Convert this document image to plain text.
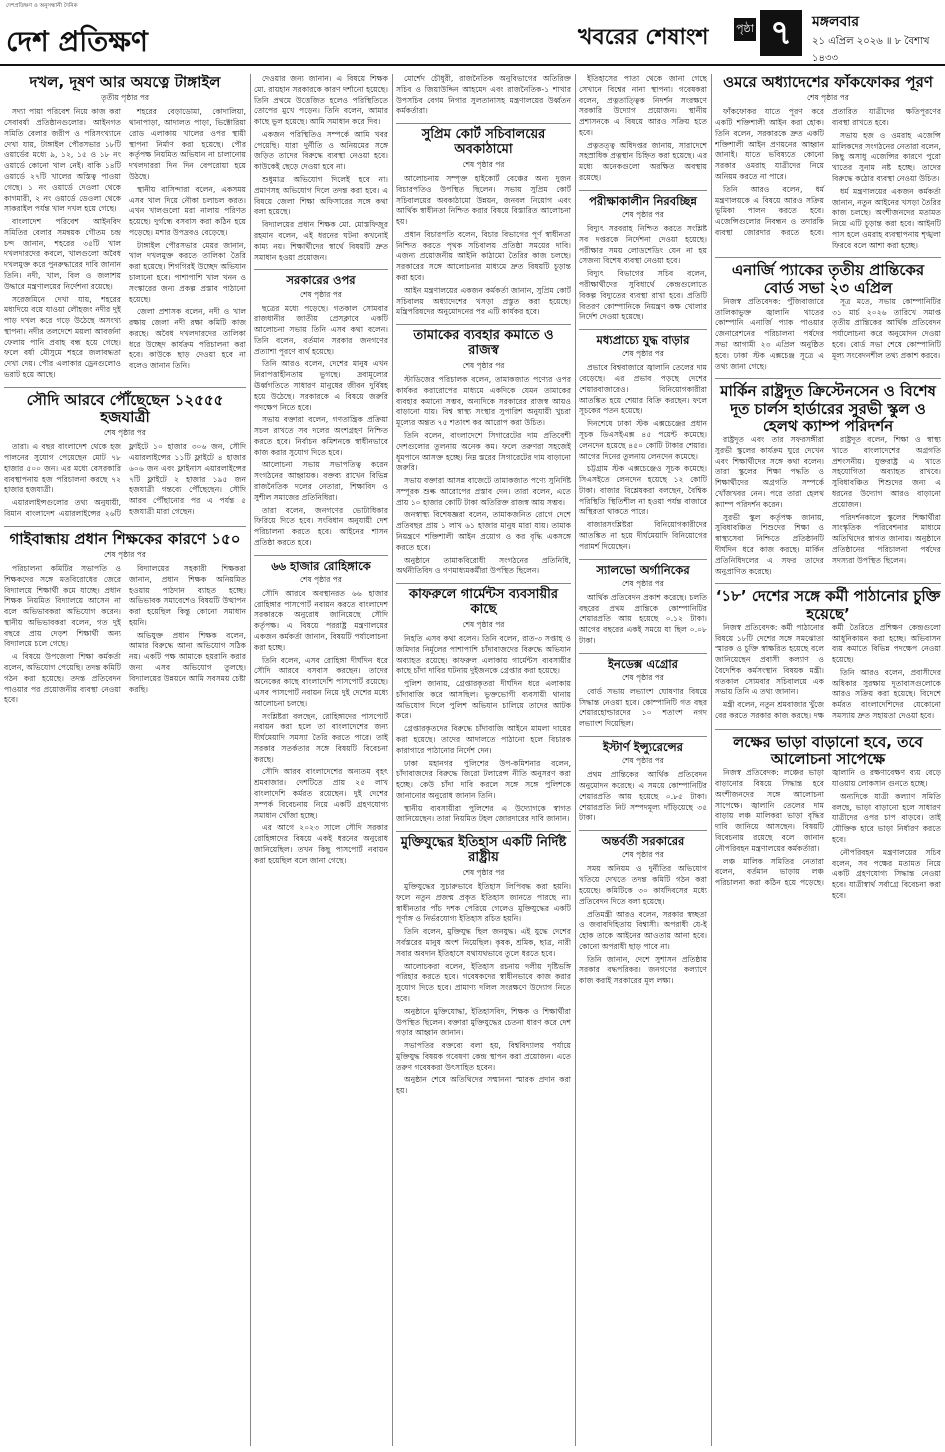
দেশপ্রতিক্ষণ ও অনুসন্ধানী দৈনিক
দেশ প্রতিক্ষণ	খবরের শেষাংশ	পৃষ্ঠা ৭	মঙ্গলবার
২১ এপ্রিল ২০২৬ ॥ ৮ বৈশাখ ১৪৩৩
দখল, দূষণ আর অযত্নে টাঙ্গাইল
তৃতীয় পৃষ্ঠার পর

সদ্যা পায়া পরিবেশ নিয়ে কাজ করা সেবাবর্ষা প্রতিষ্ঠানগুলোর। আইনগত সমিতি বেলার জরীপ ও পরিসংখ্যানে দেখা যায়, টাঙ্গাইল পৌরসভার ১৮টি ওয়ার্ডের মধ্যে ৯, ১২, ১৫ ও ১৮ নং ওয়ার্ডে কোনো খাল নেই। বাকি ১৪টি ওয়ার্ডে ২৭টি খালের অস্তিত্ব পাওয়া গেছে। ১ নং ওয়ার্ডে দেওলা থেকে কাগমারী, ২ নং ওয়ার্ডে ডেওলা থেকে সাকরাইল পর্যন্ত খাল দখল হয়ে গেছে।

বাংলাদেশ পরিবেশ আইনবিদ সমিতির বেলার সমন্বয়ক গৌতম চন্দ্র চন্দ জানান, শহরের ৩৫টি খাল দখলদারদের কবলে, খালগুলো অবৈধ দখলমুক্ত করে পুনরুদ্ধারের দাবি জানান তিনি। নদী, খাল, বিল ও জলাশয় উদ্ধারে মন্ত্রণালয়ের নির্দেশনা রয়েছে।

সরেজমিনে দেখা যায়, শহরের মধ্যদিয়ে বয়ে যাওয়া লৌহজং নদীর দুই পাড় দখল করে গড়ে উঠেছে অসংখ্য স্থাপনা। নদীর তলদেশে ময়লা আবর্জনা ফেলায় পানি প্রবাহ বন্ধ হয়ে গেছে। ফলে বর্ষা মৌসুমে শহরে জলাবদ্ধতা দেখা দেয়। পৌর এলাকার ড্রেনগুলোও ভরাট হয়ে আছে।

শহরের বেড়াডোমা, কোদালিয়া, থানাপাড়া, আদালত পাড়া, ভিক্টোরিয়া রোড এলাকায় খালের ওপর স্থায়ী স্থাপনা নির্মাণ করা হয়েছে। পৌর কর্তৃপক্ষ নিয়মিত অভিযান না চালানোয় দখলদাররা দিন দিন বেপরোয়া হয়ে উঠছে।

স্থানীয় বাসিন্দারা বলেন, একসময় এসব খাল দিয়ে নৌকা চলাচল করত। এখন খালগুলো মরা নালায় পরিণত হয়েছে। দুর্গন্ধে বসবাস করা কঠিন হয়ে পড়েছে। মশার উপদ্রবও বেড়েছে।

টাঙ্গাইল পৌরসভার মেয়র জানান, খাল দখলমুক্ত করতে তালিকা তৈরি করা হয়েছে। শিগগিরই উচ্ছেদ অভিযান চালানো হবে। পাশাপাশি খাল খনন ও সংস্কারের জন্য প্রকল্প প্রস্তাব পাঠানো হয়েছে।

জেলা প্রশাসক বলেন, নদী ও খাল রক্ষায় জেলা নদী রক্ষা কমিটি কাজ করছে। অবৈধ দখলদারদের তালিকা ধরে উচ্ছেদ কার্যক্রম পরিচালনা করা হবে। কাউকে ছাড় দেওয়া হবে না বলেও জানান তিনি।

সৌদি আরবে পৌঁছেছেন ১২৫৫৫ হজযাত্রী
শেষ পৃষ্ঠার পর

তারা। এ বছর বাংলাদেশ থেকে হজ পালনের সুযোগ পেয়েছেন মোট ৭৮ হাজার ৫০০ জন। এর মধ্যে বেসরকারি ব্যবস্থাপনায় হজ পরিচালনা করছে ৭২ হাজার হজযাত্রী।

এয়ারলাইন্সগুলোর তথ্য অনুযায়ী, বিমান বাংলাদেশ এয়ারলাইন্সের ২৬টি ফ্লাইটে ১০ হাজার ৩০৬ জন, সৌদি এয়ারলাইন্সের ১১টি ফ্লাইটে ৪ হাজার ৬০৬ জন এবং ফ্লাইনাস এয়ারলাইন্সের ৭টি ফ্লাইটে ২ হাজার ১৯৫ জন হজযাত্রী গন্তব্যে পৌঁছেছেন। সৌদি আরব পৌঁছানোর পর এ পর্যন্ত ৫ হজযাত্রী মারা গেছেন।

গাইবান্ধায় প্রধান শিক্ষকের কারণে ১৫০
শেষ পৃষ্ঠার পর

পরিচালনা কমিটির সভাপতি ও শিক্ষকদের সঙ্গে মতবিরোধের জেরে বিদ্যালয়ে শিক্ষার্থী কমে যাচ্ছে। প্রধান শিক্ষক নিয়মিত বিদ্যালয়ে আসেন না বলে অভিভাবকরা অভিযোগ করেন। স্থানীয় অভিভাবকরা বলেন, গত দুই বছরে প্রায় দেড়শ শিক্ষার্থী অন্য বিদ্যালয়ে চলে গেছে।

এ বিষয়ে উপজেলা শিক্ষা কর্মকর্তা বলেন, অভিযোগ পেয়েছি। তদন্ত কমিটি গঠন করা হয়েছে। তদন্ত প্রতিবেদন পাওয়ার পর প্রয়োজনীয় ব্যবস্থা নেওয়া হবে।

বিদ্যালয়ের সহকারী শিক্ষকরা জানান, প্রধান শিক্ষক অনিয়মিত হওয়ায় পাঠদান ব্যাহত হচ্ছে। অভিভাবক সমাবেশেও বিষয়টি উত্থাপন করা হয়েছিল কিন্তু কোনো সমাধান হয়নি।

অভিযুক্ত প্রধান শিক্ষক বলেন, আমার বিরুদ্ধে আনা অভিযোগ সঠিক নয়। একটি পক্ষ আমাকে হয়রানি করার জন্য এসব অভিযোগ তুলছে। বিদ্যালয়ের উন্নয়নে আমি সবসময় চেষ্টা করছি।

দেওয়ার জন্য জানান। এ বিষয়ে শিক্ষক মো. রায়হান সরকারকে কারণ দর্শানো হয়েছে। তিনি প্রথমে উত্তেজিত হলেও পরিস্থিতিতে তোপের মুখে পড়েন। তিনি বলেন, আমার কাছে ভুল হয়েছে। আমি সমাধান করে দিব।

একজন পরিস্থিতিও সম্পর্কে আমি খবর পেয়েছি। যারা দুর্নীতি ও অনিয়মের সঙ্গে জড়িত তাদের বিরুদ্ধে ব্যবস্থা নেওয়া হবে। কাউকেই ছেড়ে দেওয়া হবে না।

শুধুমাত্র অভিযোগ দিলেই হবে না। প্রমাণসহ অভিযোগ দিলে তদন্ত করা হবে। এ বিষয়ে জেলা শিক্ষা অফিসারের সঙ্গে কথা বলা হয়েছে।

বিদ্যালয়ের প্রধান শিক্ষক মো. মোস্তফিজুর রহমান বলেন, এই ধরনের ঘটনা কখনোই কাম্য নয়। শিক্ষার্থীদের স্বার্থে বিষয়টি দ্রুত সমাধান হওয়া প্রয়োজন।

সরকারের ওপর
শেষ পৃষ্ঠার পর

ছত্রের মধ্যে পড়েছে। গতকাল সোমবার রাজধানীর জাতীয় প্রেসক্লাবে একটি আলোচনা সভায় তিনি এসব কথা বলেন। তিনি বলেন, বর্তমান সরকার জনগণের প্রত্যাশা পূরণে ব্যর্থ হয়েছে।

তিনি আরও বলেন, দেশের মানুষ এখন নিরাপত্তাহীনতায় ভুগছে। দ্রব্যমূল্যের ঊর্ধ্বগতিতে সাধারণ মানুষের জীবন দুর্বিষহ হয়ে উঠেছে। সরকারকে এ বিষয়ে জরুরি পদক্ষেপ নিতে হবে।

সভায় বক্তারা বলেন, গণতান্ত্রিক প্রক্রিয়া সচল রাখতে সব দলের অংশগ্রহণ নিশ্চিত করতে হবে। নির্বাচন কমিশনকে স্বাধীনভাবে কাজ করার সুযোগ দিতে হবে।

আলোচনা সভায় সভাপতিত্ব করেন সংগঠনের আহ্বায়ক। বক্তব্য রাখেন বিভিন্ন রাজনৈতিক দলের নেতারা, শিক্ষাবিদ ও সুশীল সমাজের প্রতিনিধিরা।

তারা বলেন, জনগণের ভোটাধিকার ফিরিয়ে দিতে হবে। সংবিধান অনুযায়ী দেশ পরিচালনা করতে হবে। আইনের শাসন প্রতিষ্ঠা করতে হবে।

৬৬ হাজার রোহিঙ্গাকে
শেষ পৃষ্ঠার পর

সৌদি আরবে অবস্থানরত ৬৬ হাজার রোহিঙ্গার পাসপোর্ট নবায়ন করতে বাংলাদেশ সরকারকে অনুরোধ জানিয়েছে সৌদি কর্তৃপক্ষ। এ বিষয়ে পররাষ্ট্র মন্ত্রণালয়ের একজন কর্মকর্তা জানান, বিষয়টি পর্যালোচনা করা হচ্ছে।

তিনি বলেন, এসব রোহিঙ্গা দীর্ঘদিন ধরে সৌদি আরবে বসবাস করছেন। তাদের অনেকের কাছে বাংলাদেশি পাসপোর্ট রয়েছে। এসব পাসপোর্ট নবায়ন নিয়ে দুই দেশের মধ্যে আলোচনা চলছে।

সংশ্লিষ্টরা বলছেন, রোহিঙ্গাদের পাসপোর্ট নবায়ন করা হলে তা বাংলাদেশের জন্য দীর্ঘমেয়াদি সমস্যা তৈরি করতে পারে। তাই সরকার সতর্কতার সঙ্গে বিষয়টি বিবেচনা করছে।

সৌদি আরব বাংলাদেশের অন্যতম বৃহৎ শ্রমবাজার। দেশটিতে প্রায় ২৫ লাখ বাংলাদেশি কর্মরত রয়েছেন। দুই দেশের সম্পর্ক বিবেচনায় নিয়ে একটি গ্রহণযোগ্য সমাধান খোঁজা হচ্ছে।

এর আগে ২০২৩ সালে সৌদি সরকার রোহিঙ্গাদের বিষয়ে একই ধরনের অনুরোধ জানিয়েছিল। তখন কিছু পাসপোর্ট নবায়ন করা হয়েছিল বলে জানা গেছে।

মোর্শেদ চৌধুরী, রাজনৈতিক অনুবিভাগের অতিরিক্ত সচিব ও জিয়াউদ্দিন আহমেদ এবং রাজনৈতিক-১ শাখার উপসচিব বেগম নিগার সুলতানাসহ মন্ত্রণালয়ের উর্ধ্বতন কর্মকর্তারা।

সুপ্রিম কোর্ট সচিবালয়ের অবকাঠামো
শেষ পৃষ্ঠার পর

আলোচনায় সম্পৃক্ত হাইকোর্ট বেঞ্চের অন্য দুজন বিচারপতিও উপস্থিত ছিলেন। সভায় সুপ্রিম কোর্ট সচিবালয়ের অবকাঠামো উন্নয়ন, জনবল নিয়োগ এবং আর্থিক স্বাধীনতা নিশ্চিত করার বিষয়ে বিস্তারিত আলোচনা হয়।

প্রধান বিচারপতি বলেন, বিচার বিভাগের পূর্ণ স্বাধীনতা নিশ্চিত করতে পৃথক সচিবালয় প্রতিষ্ঠা সময়ের দাবি। এজন্য প্রয়োজনীয় আইনি কাঠামো তৈরির কাজ চলছে। সরকারের সঙ্গে আলোচনার মাধ্যমে দ্রুত বিষয়টি চূড়ান্ত করা হবে।

আইন মন্ত্রণালয়ের একজন কর্মকর্তা জানান, সুপ্রিম কোর্ট সচিবালয় অধ্যাদেশের খসড়া প্রস্তুত করা হয়েছে। মন্ত্রিপরিষদের অনুমোদনের পর এটি কার্যকর হবে।

তামাকের ব্যবহার কমাতে ও রাজস্ব
শেষ পৃষ্ঠার পর

স্টাডিজের পরিচালক বলেন, তামাকজাত পণ্যের ওপর কার্যকর করারোপের মাধ্যমে একদিকে যেমন তামাকের ব্যবহার কমানো সম্ভব, অন্যদিকে সরকারের রাজস্ব আয়ও বাড়ানো যায়। বিশ্ব স্বাস্থ্য সংস্থার সুপারিশ অনুযায়ী খুচরা মূল্যের অন্তত ৭৫ শতাংশ কর আরোপ করা উচিত।

তিনি বলেন, বাংলাদেশে সিগারেটের দাম প্রতিবেশী দেশগুলোর তুলনায় অনেক কম। ফলে তরুণরা সহজেই ধূমপানে আসক্ত হচ্ছে। নিম্ন স্তরের সিগারেটের দাম বাড়ানো জরুরি।

সভায় বক্তারা আসন্ন বাজেটে তামাকজাত পণ্যে সুনির্দিষ্ট সম্পূরক শুল্ক আরোপের প্রস্তাব দেন। তারা বলেন, এতে প্রায় ১০ হাজার কোটি টাকা অতিরিক্ত রাজস্ব আয় সম্ভব।

জনস্বাস্থ্য বিশেষজ্ঞরা বলেন, তামাকজনিত রোগে দেশে প্রতিবছর প্রায় ১ লাখ ৬১ হাজার মানুষ মারা যায়। তামাক নিয়ন্ত্রণে শক্তিশালী আইন প্রয়োগ ও কর বৃদ্ধি একসঙ্গে করতে হবে।

অনুষ্ঠানে তামাকবিরোধী সংগঠনের প্রতিনিধি, অর্থনীতিবিদ ও গণমাধ্যমকর্মীরা উপস্থিত ছিলেন।

কাফরুলে গার্মেন্টস ব্যবসায়ীর কাছে
শেষ পৃষ্ঠার পর

নিহতি এসব কথা বলেন। তিনি বলেন, রাত-৩ সপ্তাহ ও জমিদার নির্মূলের পাশাপাশি চাঁদাবাজদের বিরুদ্ধে অভিযান অব্যাহত রয়েছে। কাফরুল এলাকায় গার্মেন্টস ব্যবসায়ীর কাছে চাঁদা দাবির ঘটনায় দুইজনকে গ্রেপ্তার করা হয়েছে।

পুলিশ জানায়, গ্রেপ্তারকৃতরা দীর্ঘদিন ধরে এলাকায় চাঁদাবাজি করে আসছিল। ভুক্তভোগী ব্যবসায়ী থানায় অভিযোগ দিলে পুলিশ অভিযান চালিয়ে তাদের আটক করে।

গ্রেপ্তারকৃতদের বিরুদ্ধে চাঁদাবাজি আইনে মামলা দায়ের করা হয়েছে। তাদের আদালতে পাঠানো হলে বিচারক কারাগারে পাঠানোর নির্দেশ দেন।

ঢাকা মহানগর পুলিশের উপ-কমিশনার বলেন, চাঁদাবাজদের বিরুদ্ধে জিরো টলারেন্স নীতি অনুসরণ করা হচ্ছে। কেউ চাঁদা দাবি করলে সঙ্গে সঙ্গে পুলিশকে জানানোর অনুরোধ জানান তিনি।

স্থানীয় ব্যবসায়ীরা পুলিশের এ উদ্যোগকে স্বাগত জানিয়েছেন। তারা নিয়মিত টহল জোরদারের দাবি জানান।

মুক্তিযুদ্ধের ইতিহাস একটি নির্দিষ্ট রাষ্ট্রীয়
শেষ পৃষ্ঠার পর

মুক্তিযুদ্ধের সুচারুভাবে ইতিহাস লিপিবদ্ধ করা হয়নি। ফলে নতুন প্রজন্ম প্রকৃত ইতিহাস জানতে পারছে না। স্বাধীনতার পাঁচ দশক পেরিয়ে গেলেও মুক্তিযুদ্ধের একটি পূর্ণাঙ্গ ও নির্ভরযোগ্য ইতিহাস রচিত হয়নি।

তিনি বলেন, মুক্তিযুদ্ধ ছিল জনযুদ্ধ। এই যুদ্ধে দেশের সর্বস্তরের মানুষ অংশ নিয়েছিল। কৃষক, শ্রমিক, ছাত্র, নারী সবার অবদান ইতিহাসে যথাযথভাবে তুলে ধরতে হবে।

আলোচকরা বলেন, ইতিহাস রচনায় দলীয় দৃষ্টিভঙ্গি পরিহার করতে হবে। গবেষকদের স্বাধীনভাবে কাজ করার সুযোগ দিতে হবে। প্রামাণ্য দলিল সংরক্ষণে উদ্যোগ নিতে হবে।

অনুষ্ঠানে মুক্তিযোদ্ধা, ইতিহাসবিদ, শিক্ষক ও শিক্ষার্থীরা উপস্থিত ছিলেন। বক্তারা মুক্তিযুদ্ধের চেতনা ধারণ করে দেশ গড়ার আহ্বান জানান।

সভাপতির বক্তব্যে বলা হয়, বিশ্ববিদ্যালয় পর্যায়ে মুক্তিযুদ্ধ বিষয়ক গবেষণা কেন্দ্র স্থাপন করা প্রয়োজন। এতে তরুণ গবেষকরা উৎসাহিত হবেন।

অনুষ্ঠান শেষে অতিথিদের সম্মাননা স্মারক প্রদান করা হয়।

ইতিহাসের পাতা থেকে জানা গেছে সেখানে বিশ্বের নানা স্থাপনা। গবেষকরা বলেন, প্রত্নতাত্ত্বিক নিদর্শন সংরক্ষণে সরকারি উদ্যোগ প্রয়োজন। স্থানীয় প্রশাসনকে এ বিষয়ে আরও সক্রিয় হতে হবে।

প্রত্নতত্ত্ব অধিদপ্তর জানায়, সারাদেশে সহস্রাধিক প্রত্নস্থান চিহ্নিত করা হয়েছে। এর মধ্যে অনেকগুলো অরক্ষিত অবস্থায় রয়েছে।

পরীক্ষাকালীন নিরবচ্ছিন্ন
শেষ পৃষ্ঠার পর

বিদ্যুৎ সরবরাহ নিশ্চিত করতে সংশ্লিষ্ট সব দপ্তরকে নির্দেশনা দেওয়া হয়েছে। পরীক্ষার সময় লোডশেডিং যেন না হয় সেজন্য বিশেষ ব্যবস্থা নেওয়া হবে।

বিদ্যুৎ বিভাগের সচিব বলেন, পরীক্ষার্থীদের সুবিধার্থে কেন্দ্রগুলোতে বিকল্প বিদ্যুতের ব্যবস্থা রাখা হবে। প্রতিটি বিতরণ কোম্পানিকে নিয়ন্ত্রণ কক্ষ খোলার নির্দেশ দেওয়া হয়েছে।

মধ্যপ্রাচ্যে যুদ্ধ বাড়ার
শেষ পৃষ্ঠার পর

প্রভাবে বিশ্ববাজারে জ্বালানি তেলের দাম বেড়েছে। এর প্রভাব পড়ছে দেশের শেয়ারবাজারেও। বিনিয়োগকারীরা আতঙ্কিত হয়ে শেয়ার বিক্রি করছেন। ফলে সূচকের পতন হয়েছে।

দিনশেষে ঢাকা স্টক এক্সচেঞ্জের প্রধান সূচক ডিএসইএক্স ৪৫ পয়েন্ট কমেছে। লেনদেন হয়েছে ৪৫০ কোটি টাকার শেয়ার। আগের দিনের তুলনায় লেনদেন কমেছে।

চট্টগ্রাম স্টক এক্সচেঞ্জেও সূচক কমেছে। সিএসইতে লেনদেন হয়েছে ১২ কোটি টাকা। বাজার বিশ্লেষকরা বলছেন, বৈশ্বিক পরিস্থিতি স্থিতিশীল না হওয়া পর্যন্ত বাজারে অস্থিরতা থাকতে পারে।

বাজারসংশ্লিষ্টরা বিনিয়োগকারীদের আতঙ্কিত না হয়ে দীর্ঘমেয়াদি বিনিয়োগের পরামর্শ দিয়েছেন।

স্যালভো অর্গানিকের
শেষ পৃষ্ঠার পর

আর্থিক প্রতিবেদন প্রকাশ করেছে। চলতি বছরের প্রথম প্রান্তিকে কোম্পানিটির শেয়ারপ্রতি আয় হয়েছে ০.১২ টাকা। আগের বছরের একই সময়ে যা ছিল ০.০৮ টাকা।

ইনডেক্স এগ্রোর
শেষ পৃষ্ঠার পর

বোর্ড সভায় লভ্যাংশ ঘোষণার বিষয়ে সিদ্ধান্ত নেওয়া হবে। কোম্পানিটি গত বছর শেয়ারহোল্ডারদের ১০ শতাংশ নগদ লভ্যাংশ দিয়েছিল।

ইস্টার্ণ ইন্স্যুরেন্সের
শেষ পৃষ্ঠার পর

প্রথম প্রান্তিকের আর্থিক প্রতিবেদন অনুমোদন করেছে। এ সময়ে কোম্পানিটির শেয়ারপ্রতি আয় হয়েছে ০.৮৫ টাকা। শেয়ারপ্রতি নিট সম্পদমূল্য দাঁড়িয়েছে ৩৫ টাকা।

অন্তর্বর্তী সরকারের
শেষ পৃষ্ঠার পর

সময় অনিয়ম ও দুর্নীতির অভিযোগ খতিয়ে দেখতে তদন্ত কমিটি গঠন করা হয়েছে। কমিটিকে ৩০ কার্যদিবসের মধ্যে প্রতিবেদন দিতে বলা হয়েছে।

প্রতিমন্ত্রী আরও বলেন, সরকার স্বচ্ছতা ও জবাবদিহিতায় বিশ্বাসী। অপরাধী যে-ই হোক তাকে আইনের আওতায় আনা হবে। কোনো অপরাধী ছাড় পাবে না।

তিনি জানান, দেশে সুশাসন প্রতিষ্ঠায় সরকার বদ্ধপরিকর। জনগণের কল্যাণে কাজ করাই সরকারের মূল লক্ষ্য।

ওমরে অধ্যাদেশের ফাঁকফোকর পূরণ
শেষ পৃষ্ঠার পর

ফাঁকফোকর যাতে পূরণ করে একটি শক্তিশালী আইন করা হোক। তিনি বলেন, সরকারকে দ্রুত একটি শক্তিশালী আইন প্রণয়নের আহ্বান জানাই। যাতে ভবিষ্যতে কোনো সরকার ওমরাহ যাত্রীদের নিয়ে অনিয়ম করতে না পারে।

তিনি আরও বলেন, ধর্ম মন্ত্রণালয়কে এ বিষয়ে আরও সক্রিয় ভূমিকা পালন করতে হবে। এজেন্সিগুলোর নিবন্ধন ও তদারকি ব্যবস্থা জোরদার করতে হবে। প্রতারিত যাত্রীদের ক্ষতিপূরণের ব্যবস্থা রাখতে হবে।

সভায় হজ ও ওমরাহ এজেন্সি মালিকদের সংগঠনের নেতারা বলেন, কিছু অসাধু এজেন্সির কারণে পুরো খাতের সুনাম নষ্ট হচ্ছে। তাদের বিরুদ্ধে কঠোর ব্যবস্থা নেওয়া উচিত।

ধর্ম মন্ত্রণালয়ের একজন কর্মকর্তা জানান, নতুন আইনের খসড়া তৈরির কাজ চলছে। অংশীজনদের মতামত নিয়ে এটি চূড়ান্ত করা হবে। আইনটি পাস হলে ওমরাহ ব্যবস্থাপনায় শৃঙ্খলা ফিরবে বলে আশা করা হচ্ছে।

এনার্জি প্যাকের তৃতীয় প্রান্তিকের বোর্ড সভা ২৩ এপ্রিল

নিজস্ব প্রতিবেদক: পুঁজিবাজারে তালিকাভুক্ত জ্বালানি খাতের কোম্পানি এনার্জি প্যাক পাওয়ার জেনারেশনের পরিচালনা পর্ষদের সভা আগামী ২৩ এপ্রিল অনুষ্ঠিত হবে। ঢাকা স্টক এক্সচেঞ্জ সূত্রে এ তথ্য জানা গেছে।

সূত্র মতে, সভায় কোম্পানিটির ৩১ মার্চ ২০২৬ তারিখে সমাপ্ত তৃতীয় প্রান্তিকের আর্থিক প্রতিবেদন পর্যালোচনা করে অনুমোদন দেওয়া হবে। বোর্ড সভা শেষে কোম্পানিটি মূল্য সংবেদনশীল তথ্য প্রকাশ করবে।

মার্কিন রাষ্ট্রদূত ক্রিস্টেনসেন ও বিশেষ দূত চার্লস হার্ডারের সুরভী স্কুল ও হেলথ ক্যাম্প পরিদর্শন

রাষ্ট্রদূত এবং তার সফরসঙ্গীরা সুরভী স্কুলের কার্যক্রম ঘুরে দেখেন এবং শিক্ষার্থীদের সঙ্গে কথা বলেন। তারা স্কুলের শিক্ষা পদ্ধতি ও শিক্ষার্থীদের অগ্রগতি সম্পর্কে খোঁজখবর নেন। পরে তারা হেলথ ক্যাম্প পরিদর্শন করেন।

সুরভী স্কুল কর্তৃপক্ষ জানায়, সুবিধাবঞ্চিত শিশুদের শিক্ষা ও স্বাস্থ্যসেবা নিশ্চিতে প্রতিষ্ঠানটি দীর্ঘদিন ধরে কাজ করছে। মার্কিন প্রতিনিধিদলের এ সফর তাদের অনুপ্রাণিত করেছে।

রাষ্ট্রদূত বলেন, শিক্ষা ও স্বাস্থ্য খাতে বাংলাদেশের অগ্রগতি প্রশংসনীয়। যুক্তরাষ্ট্র এ খাতে সহযোগিতা অব্যাহত রাখবে। সুবিধাবঞ্চিত শিশুদের জন্য এ ধরনের উদ্যোগ আরও বাড়ানো প্রয়োজন।

পরিদর্শনকালে স্কুলের শিক্ষার্থীরা সাংস্কৃতিক পরিবেশনার মাধ্যমে অতিথিদের স্বাগত জানায়। অনুষ্ঠানে প্রতিষ্ঠানের পরিচালনা পর্ষদের সদস্যরা উপস্থিত ছিলেন।

‘১৮’ দেশের সঙ্গে কর্মী পাঠানোর চুক্তি হয়েছে’

নিজস্ব প্রতিবেদক: কর্মী পাঠানোর বিষয়ে ১৮টি দেশের সঙ্গে সমঝোতা স্মারক ও চুক্তি স্বাক্ষরিত হয়েছে বলে জানিয়েছেন প্রবাসী কল্যাণ ও বৈদেশিক কর্মসংস্থান বিষয়ক মন্ত্রী। গতকাল সোমবার সচিবালয়ে এক সভায় তিনি এ তথ্য জানান।

মন্ত্রী বলেন, নতুন শ্রমবাজার খুঁজে বের করতে সরকার কাজ করছে। দক্ষ কর্মী তৈরিতে প্রশিক্ষণ কেন্দ্রগুলো আধুনিকায়ন করা হচ্ছে। অভিবাসন ব্যয় কমাতে বিভিন্ন পদক্ষেপ নেওয়া হয়েছে।

তিনি আরও বলেন, প্রবাসীদের অধিকার সুরক্ষায় দূতাবাসগুলোকে আরও সক্রিয় করা হয়েছে। বিদেশে কর্মরত বাংলাদেশিদের যেকোনো সমস্যায় দ্রুত সহায়তা দেওয়া হবে।

লক্ষের ভাড়া বাড়ানো হবে, তবে আলোচনা সাপেক্ষে

নিজস্ব প্রতিবেদক: লঞ্চের ভাড়া বাড়ানোর বিষয়ে সিদ্ধান্ত হবে অংশীজনদের সঙ্গে আলোচনা সাপেক্ষে। জ্বালানি তেলের দাম বাড়ায় লঞ্চ মালিকরা ভাড়া বৃদ্ধির দাবি জানিয়ে আসছেন। বিষয়টি বিবেচনায় রয়েছে বলে জানান নৌপরিবহন মন্ত্রণালয়ের কর্মকর্তারা।

লঞ্চ মালিক সমিতির নেতারা বলেন, বর্তমান ভাড়ায় লঞ্চ পরিচালনা করা কঠিন হয়ে পড়েছে। জ্বালানি ও রক্ষণাবেক্ষণ ব্যয় বেড়ে যাওয়ায় লোকসান গুনতে হচ্ছে।

অন্যদিকে যাত্রী কল্যাণ সমিতি বলছে, ভাড়া বাড়ানো হলে সাধারণ যাত্রীদের ওপর চাপ বাড়বে। তাই যৌক্তিক হারে ভাড়া নির্ধারণ করতে হবে।

নৌপরিবহন মন্ত্রণালয়ের সচিব বলেন, সব পক্ষের মতামত নিয়ে একটি গ্রহণযোগ্য সিদ্ধান্ত নেওয়া হবে। যাত্রীস্বার্থ সর্বাগ্রে বিবেচনা করা হবে।
